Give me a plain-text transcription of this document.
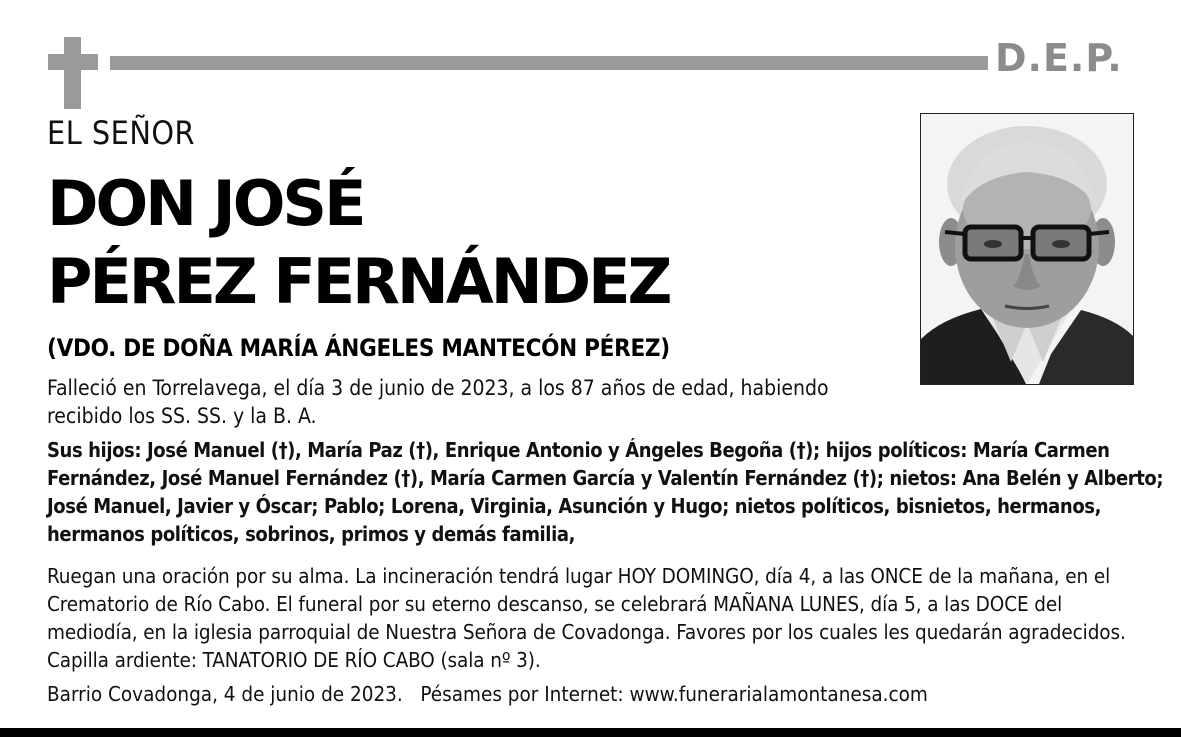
D.E.P.
EL SEÑOR
DON JOSÉ
PÉREZ FERNÁNDEZ
(VDO. DE DOÑA MARÍA ÁNGELES MANTECÓN PÉREZ)
Falleció en Torrelavega, el día 3 de junio de 2023, a los 87 años de edad, habiendo recibido los SS. SS. y la B. A.
Sus hijos: José Manuel (†), María Paz (†), Enrique Antonio y Ángeles Begoña (†); hijos políticos: María Carmen Fernández, José Manuel Fernández (†), María Carmen García y Valentín Fernández (†); nietos: Ana Belén y Alberto; José Manuel, Javier y Óscar; Pablo; Lorena, Virginia, Asunción y Hugo; nietos políticos, bisnietos, hermanos, hermanos políticos, sobrinos, primos y demás familia,
Ruegan una oración por su alma. La incineración tendrá lugar HOY DOMINGO, día 4, a las ONCE de la mañana, en el Crematorio de Río Cabo. El funeral por su eterno descanso, se celebrará MAÑANA LUNES, día 5, a las DOCE del mediodía, en la iglesia parroquial de Nuestra Señora de Covadonga. Favores por los cuales les quedarán agradecidos. Capilla ardiente: TANATORIO DE RÍO CABO (sala nº 3).
Barrio Covadonga, 4 de junio de 2023. Pésames por Internet: www.funerarialamontanesa.com
